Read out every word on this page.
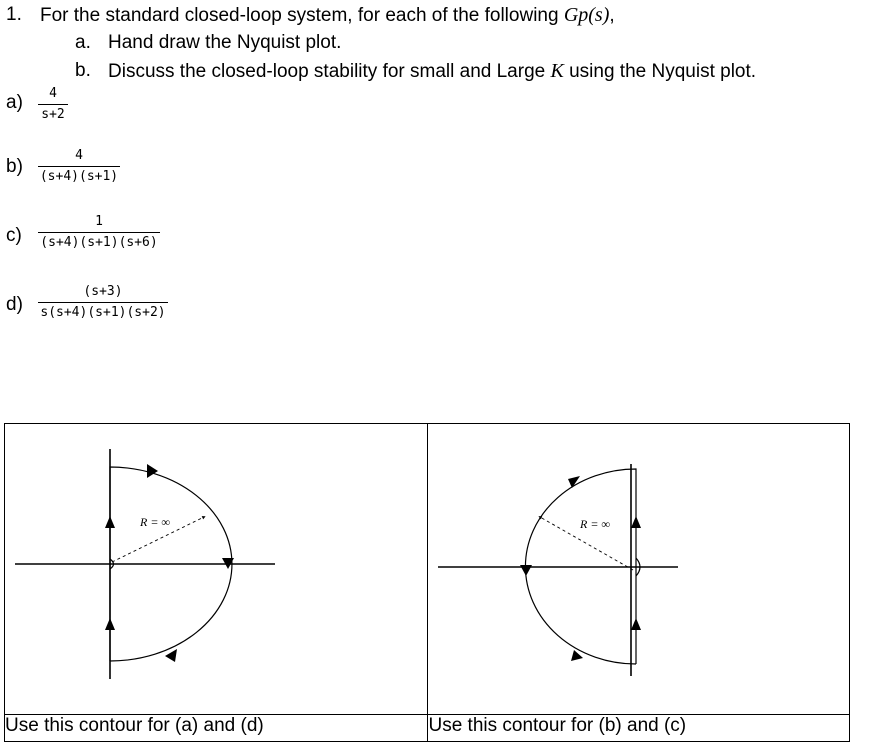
1. For the standard closed-loop system, for each of the following Gp(s),
a. Hand draw the Nyquist plot.
b. Discuss the closed-loop stability for small and Large K using the Nyquist plot.
a)	4
s+2
b)
4
(s+4)(s+1)
c)
1
(s+4)(s+1)(s+6)
d)
(s+3)
s(s+4)(s+1)(s+2)
R = ∞	R = ∞

Use this contour for (a) and (d)	Use this contour for (b) and (c)
